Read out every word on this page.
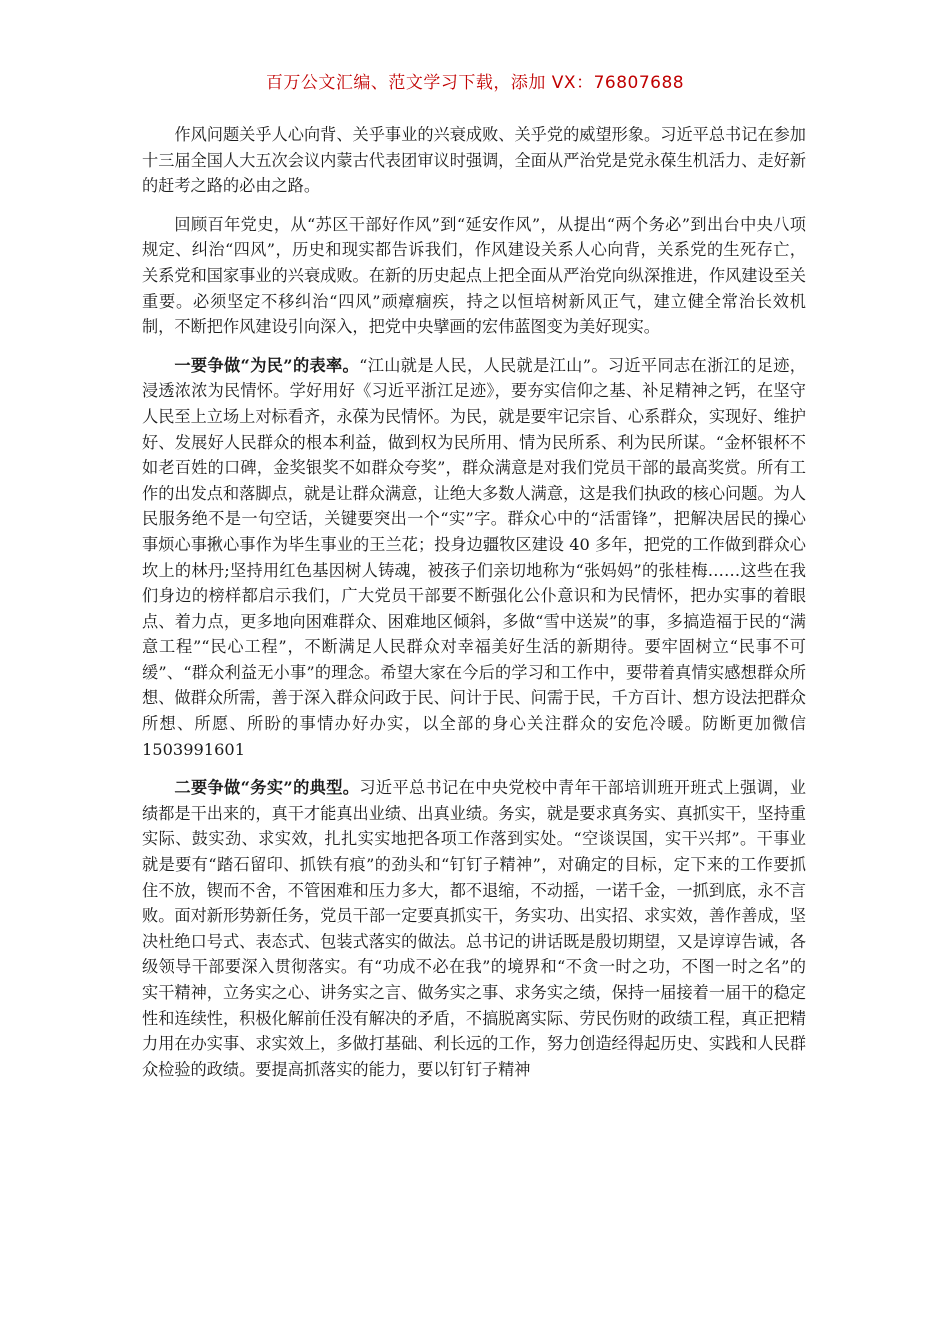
百万公文汇编、范文学习下载，添加 VX：76807688

作风问题关乎人心向背、关乎事业的兴衰成败、关乎党的威望形象。习近平总书记在参加十三届全国人大五次会议内蒙古代表团审议时强调，全面从严治党是党永葆生机活力、走好新的赶考之路的必由之路。

回顾百年党史，从“苏区干部好作风”到“延安作风”，从提出“两个务必”到出台中央八项规定、纠治“四风”，历史和现实都告诉我们，作风建设关系人心向背，关系党的生死存亡，关系党和国家事业的兴衰成败。在新的历史起点上把全面从严治党向纵深推进，作风建设至关重要。必须坚定不移纠治“四风”顽瘴痼疾，持之以恒培树新风正气，建立健全常治长效机制，不断把作风建设引向深入，把党中央擘画的宏伟蓝图变为美好现实。

一要争做“为民”的表率。“江山就是人民，人民就是江山”。习近平同志在浙江的足迹，浸透浓浓为民情怀。学好用好《习近平浙江足迹》，要夯实信仰之基、补足精神之钙，在坚守人民至上立场上对标看齐，永葆为民情怀。为民，就是要牢记宗旨、心系群众，实现好、维护好、发展好人民群众的根本利益，做到权为民所用、情为民所系、利为民所谋。“金杯银杯不如老百姓的口碑，金奖银奖不如群众夸奖”，群众满意是对我们党员干部的最高奖赏。所有工作的出发点和落脚点，就是让群众满意，让绝大多数人满意，这是我们执政的核心问题。为人民服务绝不是一句空话，关键要突出一个“实”字。群众心中的“活雷锋”，把解决居民的操心事烦心事揪心事作为毕生事业的王兰花；投身边疆牧区建设 40 多年，把党的工作做到群众心坎上的林丹;坚持用红色基因树人铸魂，被孩子们亲切地称为“张妈妈”的张桂梅……这些在我们身边的榜样都启示我们，广大党员干部要不断强化公仆意识和为民情怀，把办实事的着眼点、着力点，更多地向困难群众、困难地区倾斜，多做“雪中送炭”的事，多搞造福于民的“满意工程”“民心工程”，不断满足人民群众对幸福美好生活的新期待。要牢固树立“民事不可缓”、“群众利益无小事”的理念。希望大家在今后的学习和工作中，要带着真情实感想群众所想、做群众所需，善于深入群众问政于民、问计于民、问需于民，千方百计、想方设法把群众所想、所愿、所盼的事情办好办实，以全部的身心关注群众的安危冷暖。防断更加微信 1503991601

二要争做“务实”的典型。习近平总书记在中央党校中青年干部培训班开班式上强调，业绩都是干出来的，真干才能真出业绩、出真业绩。务实，就是要求真务实、真抓实干，坚持重实际、鼓实劲、求实效，扎扎实实地把各项工作落到实处。“空谈误国，实干兴邦”。干事业就是要有“踏石留印、抓铁有痕”的劲头和“钉钉子精神”，对确定的目标，定下来的工作要抓住不放，锲而不舍，不管困难和压力多大，都不退缩，不动摇，一诺千金，一抓到底，永不言败。面对新形势新任务，党员干部一定要真抓实干，务实功、出实招、求实效，善作善成，坚决杜绝口号式、表态式、包装式落实的做法。总书记的讲话既是殷切期望，又是谆谆告诫，各级领导干部要深入贯彻落实。有“功成不必在我”的境界和“不贪一时之功，不图一时之名”的实干精神，立务实之心、讲务实之言、做务实之事、求务实之绩，保持一届接着一届干的稳定性和连续性，积极化解前任没有解决的矛盾，不搞脱离实际、劳民伤财的政绩工程，真正把精力用在办实事、求实效上，多做打基础、利长远的工作，努力创造经得起历史、实践和人民群众检验的政绩。要提高抓落实的能力，要以钉钉子精神
